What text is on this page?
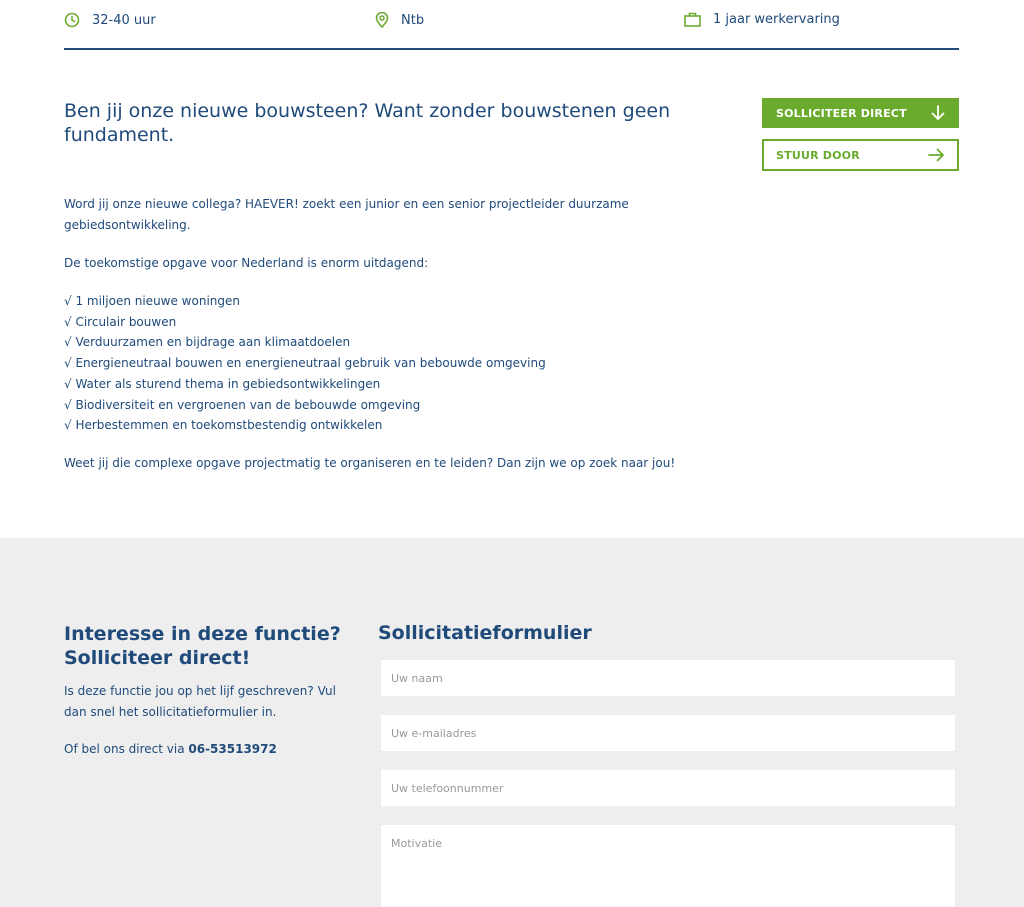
32-40 uur	Ntb	1 jaar werkervaring
Ben jij onze nieuwe bouwsteen? Want zonder bouwstenen geen fundament.
SOLLICITEER DIRECT
STUUR DOOR

Word jij onze nieuwe collega? HAEVER! zoekt een junior en een senior projectleider duurzame gebiedsontwikkeling.

De toekomstige opgave voor Nederland is enorm uitdagend:

√ 1 miljoen nieuwe woningen
√ Circulair bouwen
√ Verduurzamen en bijdrage aan klimaatdoelen
√ Energieneutraal bouwen en energieneutraal gebruik van bebouwde omgeving
√ Water als sturend thema in gebiedsontwikkelingen
√ Biodiversiteit en vergroenen van de bebouwde omgeving
√ Herbestemmen en toekomstbestendig ontwikkelen

Weet jij die complexe opgave projectmatig te organiseren en te leiden? Dan zijn we op zoek naar jou!

Interesse in deze functie? Solliciteer direct!

Is deze functie jou op het lijf geschreven? Vul dan snel het sollicitatieformulier in.

Of bel ons direct via 06-53513972

Sollicitatieformulier
Uw naam
Uw e-mailadres
Uw telefoonnummer
Motivatie
